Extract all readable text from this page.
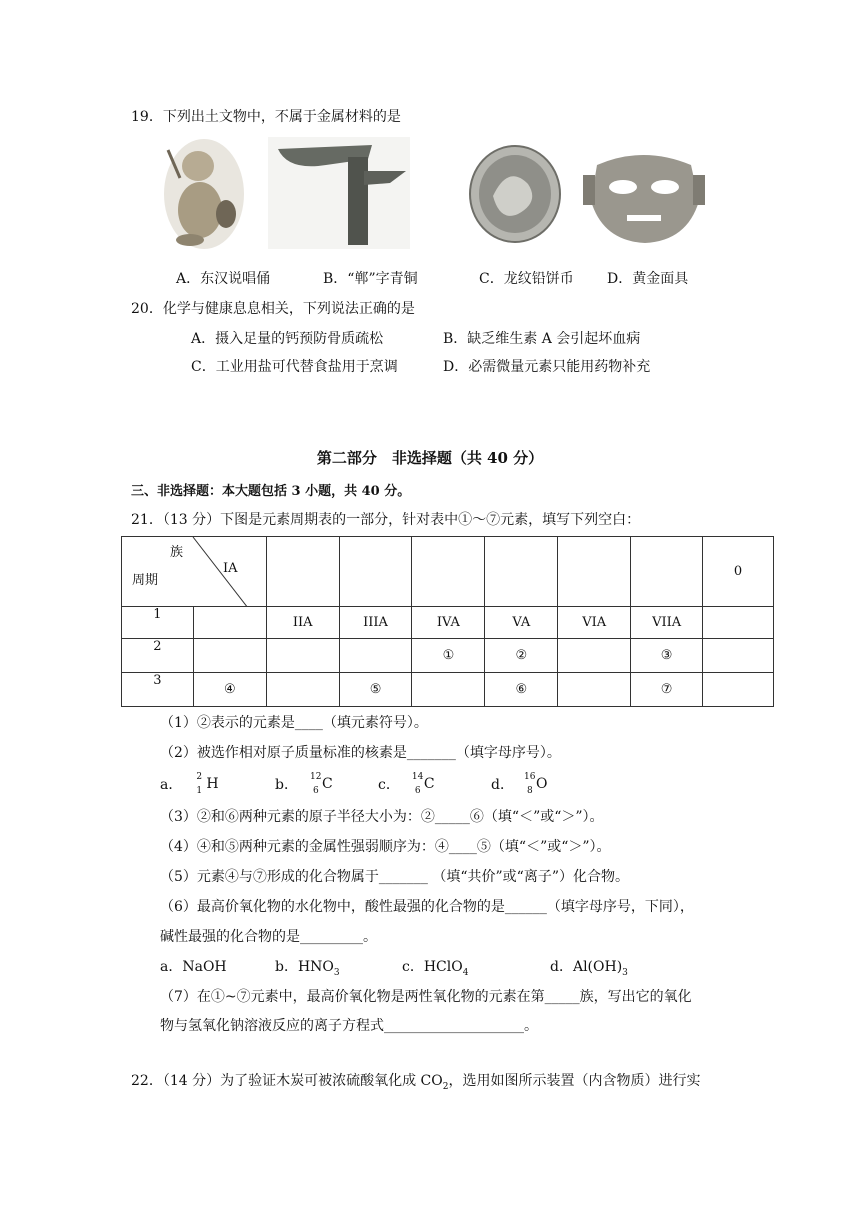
19．下列出土文物中，不属于金属材料的是
A．东汉说唱俑	B．“郸”字青铜	C．龙纹铅饼币 D．黄金面具
20．化学与健康息息相关，下列说法正确的是
A．摄入足量的钙预防骨质疏松	B．缺乏维生素 A 会引起坏血病
C．工业用盐可代替食盐用于烹调	D．必需微量元素只能用药物补充
第二部分　非选择题（共 40 分）
三、非选择题：本大题包括 3 小题，共 40 分。
21．（13 分）下图是元素周期表的一部分，针对表中①～⑦元素，填写下列空白：
族
周期
IA								0
1		IIA	IIIA	IVA	VA	VIA	VIIA	
2				①	②		③	
3	④		⑤		⑥		⑦	
（1）②表示的元素是____（填元素符号）。
（2）被选作相对原子质量标准的核素是_______（填字母序号）。
a． 2
1 H	b． 12
6 C	c． 14
6 C	d． 16
8 O
（3）②和⑥两种元素的原子半径大小为：②_____⑥（填“＜”或“＞”）。
（4）④和⑤两种元素的金属性强弱顺序为：④____⑤（填“＜”或“＞”）。
（5）元素④与⑦形成的化合物属于_______ （填“共价”或“离子”）化合物。
（6）最高价氧化物的水化物中，酸性最强的化合物的是______（填字母序号，下同），
碱性最强的化合物的是_________。
a．NaOH	b．$HNO_3$	c．HClO$_4$	d．$Al(OH)_3$
（7）在①~⑦元素中，最高价氧化物是两性氧化物的元素在第_____族，写出它的氧化
物与氢氧化钠溶液反应的离子方程式____________________。
22．（14 分）为了验证木炭可被浓硫酸氧化成 $CO_2$，选用如图所示装置（内含物质）进行实
